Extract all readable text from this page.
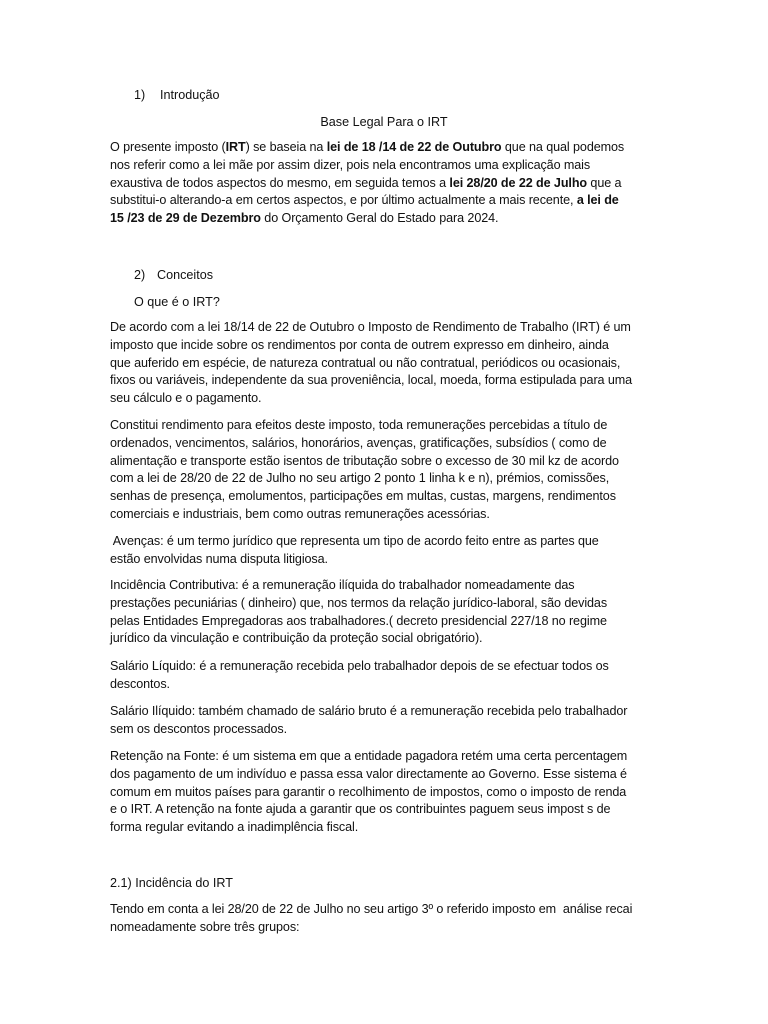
1) Introdução
Base Legal Para o IRT
O presente imposto (IRT) se baseia na lei de 18 /14 de 22 de Outubro que na qual podemos
nos referir como a lei mãe por assim dizer, pois nela encontramos uma explicação mais
exaustiva de todos aspectos do mesmo, em seguida temos a lei 28/20 de 22 de Julho que a
substitui-o alterando-a em certos aspectos, e por último actualmente a mais recente, a lei de
15 /23 de 29 de Dezembro do Orçamento Geral do Estado para 2024.
2) Conceitos
O que é o IRT?
De acordo com a lei 18/14 de 22 de Outubro o Imposto de Rendimento de Trabalho (IRT) é um
imposto que incide sobre os rendimentos por conta de outrem expresso em dinheiro, ainda
que auferido em espécie, de natureza contratual ou não contratual, periódicos ou ocasionais,
fixos ou variáveis, independente da sua proveniência, local, moeda, forma estipulada para uma
seu cálculo e o pagamento.
Constitui rendimento para efeitos deste imposto, toda remunerações percebidas a título de
ordenados, vencimentos, salários, honorários, avenças, gratificações, subsídios ( como de
alimentação e transporte estão isentos de tributação sobre o excesso de 30 mil kz de acordo
com a lei de 28/20 de 22 de Julho no seu artigo 2 ponto 1 linha k e n), prémios, comissões,
senhas de presença, emolumentos, participações em multas, custas, margens, rendimentos
comerciais e industriais, bem como outras remunerações acessórias.
Avenças: é um termo jurídico que representa um tipo de acordo feito entre as partes que
estão envolvidas numa disputa litigiosa.
Incidência Contributiva: é a remuneração ilíquida do trabalhador nomeadamente das
prestações pecuniárias ( dinheiro) que, nos termos da relação jurídico-laboral, são devidas
pelas Entidades Empregadoras aos trabalhadores.( decreto presidencial 227/18 no regime
jurídico da vinculação e contribuição da proteção social obrigatório).
Salário Líquido: é a remuneração recebida pelo trabalhador depois de se efectuar todos os
descontos.
Salário Ilíquido: também chamado de salário bruto é a remuneração recebida pelo trabalhador
sem os descontos processados.
Retenção na Fonte: é um sistema em que a entidade pagadora retém uma certa percentagem
dos pagamento de um indivíduo e passa essa valor directamente ao Governo. Esse sistema é
comum em muitos países para garantir o recolhimento de impostos, como o imposto de renda
e o IRT. A retenção na fonte ajuda a garantir que os contribuintes paguem seus impost s de
forma regular evitando a inadimplência fiscal.
2.1) Incidência do IRT
Tendo em conta a lei 28/20 de 22 de Julho no seu artigo 3º o referido imposto em  análise recai
nomeadamente sobre três grupos:
